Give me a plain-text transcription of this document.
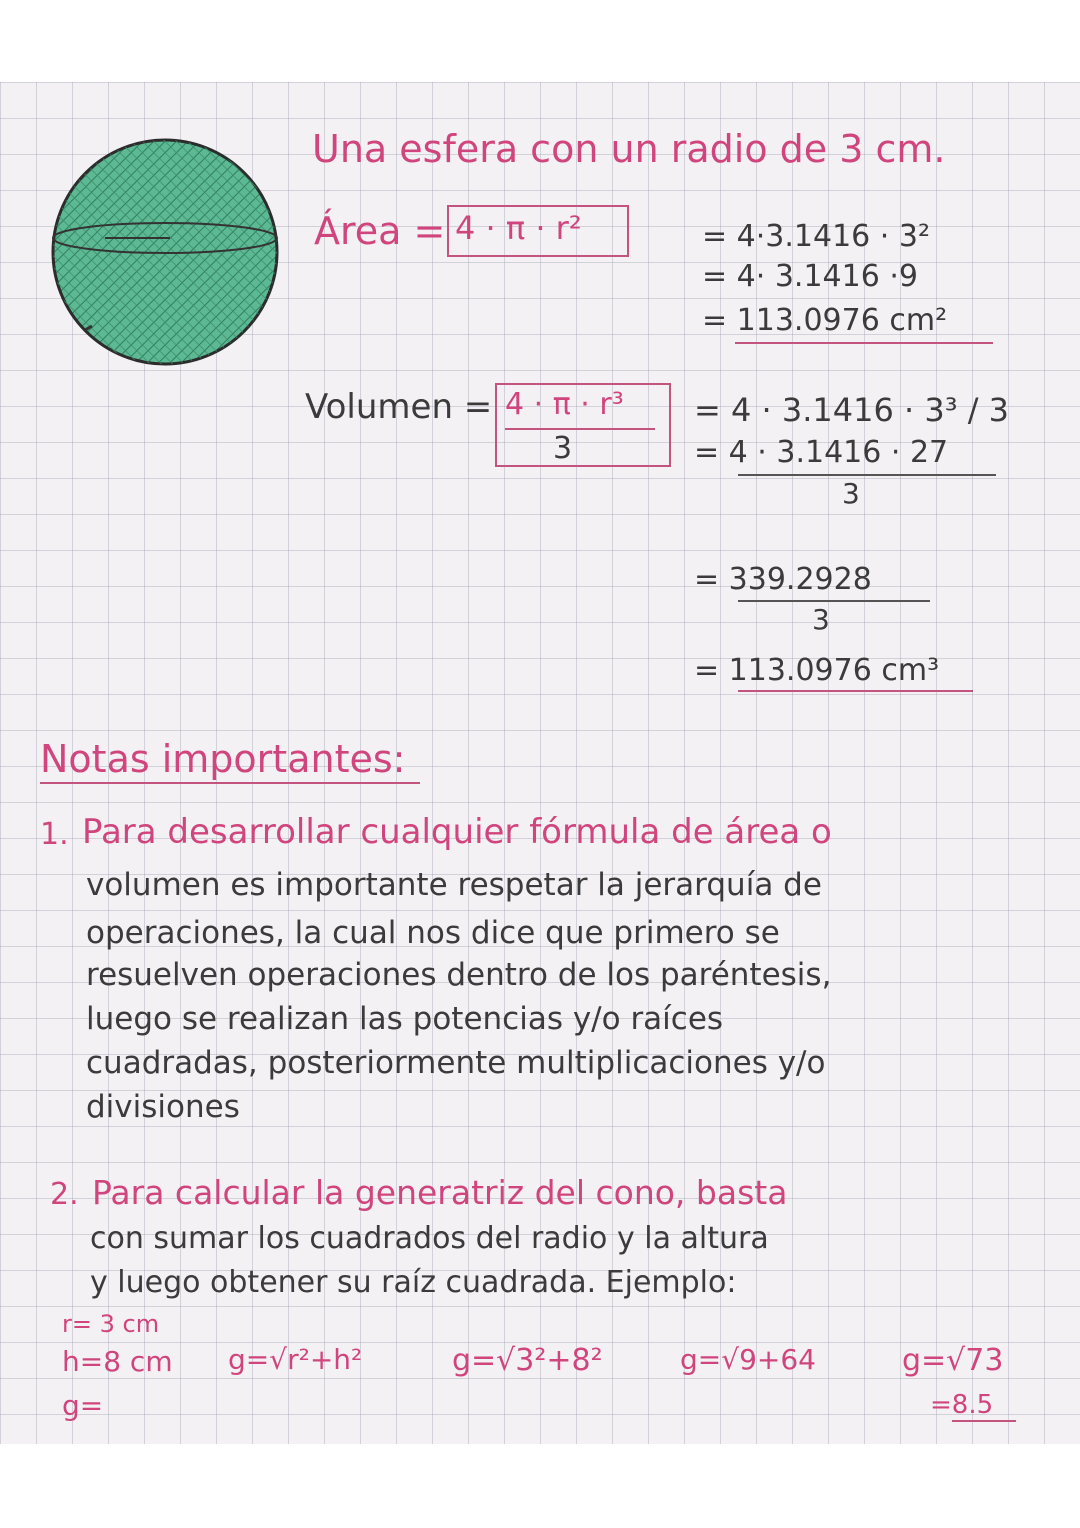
Una esfera con un radio de 3 cm.
Área = 4 · π · r²	= 4·3.1416 · 3²
= 4· 3.1416 ·9
= 113.0976 cm²
Volumen = 4 · π · r³
3
= 4 · 3.1416 · 3³ / 3
= 4 · 3.1416 · 27
3
= 339.2928
3
= 113.0976 cm³
Notas importantes:
1. Para desarrollar cualquier fórmula de área o
volumen es importante respetar la jerarquía de
operaciones, la cual nos dice que primero se
resuelven operaciones dentro de los paréntesis,
luego se realizan las potencias y/o raíces
cuadradas, posteriormente multiplicaciones y/o
divisiones
2. Para calcular la generatriz del cono, basta
con sumar los cuadrados del radio y la altura
y luego obtener su raíz cuadrada. Ejemplo:
r= 3 cm
h=8 cm
g=
g=√r²+h²	g=√3²+8²	g=√9+64	g=√73
=8.5
